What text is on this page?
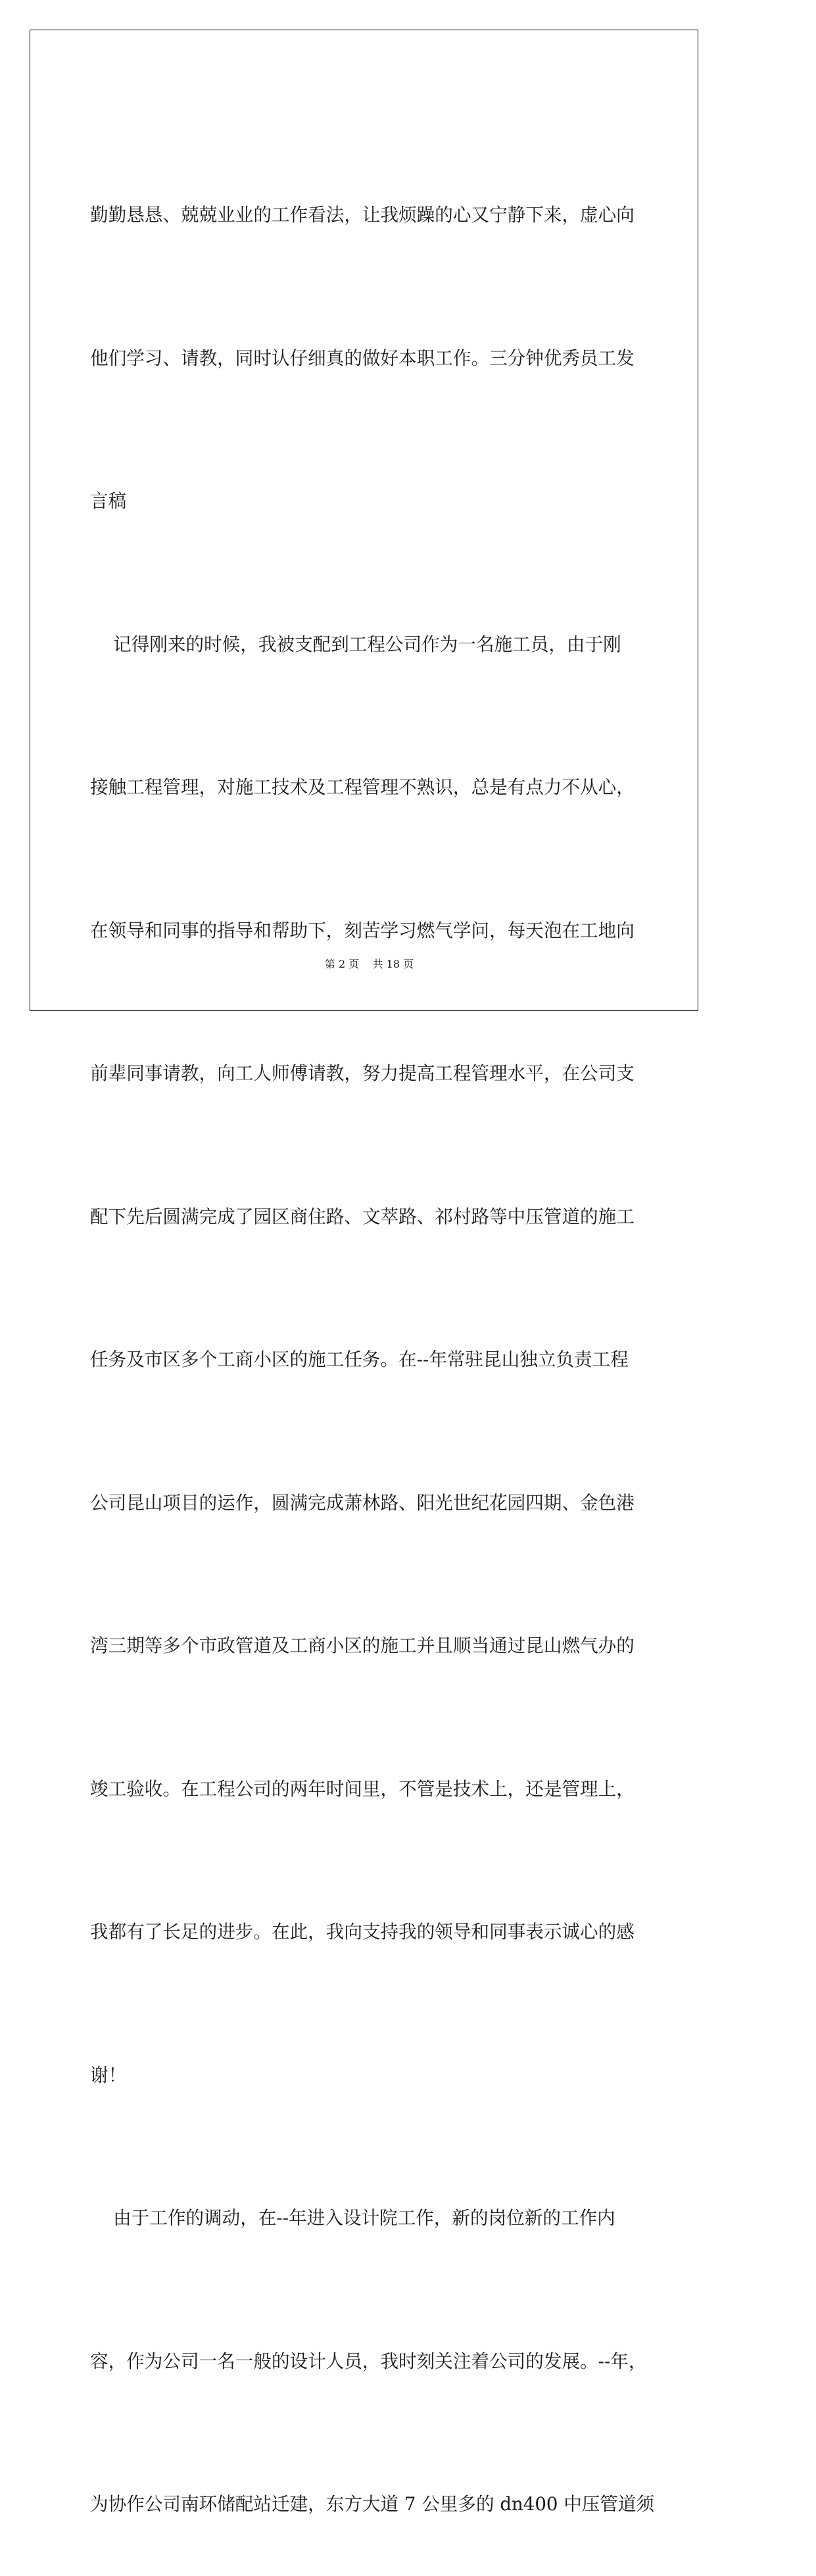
勤勤恳恳、兢兢业业的工作看法，让我烦躁的心又宁静下来，虚心向

他们学习、请教，同时认仔细真的做好本职工作。三分钟优秀员工发

言稿

记得刚来的时候，我被支配到工程公司作为一名施工员，由于刚

接触工程管理，对施工技术及工程管理不熟识，总是有点力不从心，

在领导和同事的指导和帮助下，刻苦学习燃气学问，每天泡在工地向

前辈同事请教，向工人师傅请教，努力提高工程管理水平，在公司支

配下先后圆满完成了园区商住路、文萃路、祁村路等中压管道的施工

任务及市区多个工商小区的施工任务。在--年常驻昆山独立负责工程

公司昆山项目的运作，圆满完成萧林路、阳光世纪花园四期、金色港

湾三期等多个市政管道及工商小区的施工并且顺当通过昆山燃气办的

竣工验收。在工程公司的两年时间里，不管是技术上，还是管理上，

我都有了长足的进步。在此，我向支持我的领导和同事表示诚心的感

谢！

由于工作的调动，在--年进入设计院工作，新的岗位新的工作内

容，作为公司一名一般的设计人员，我时刻关注着公司的发展。--年，

为协作公司南环储配站迁建，东方大道 7 公里多的 dn400 中压管道须

第 2 页 共 18 页
